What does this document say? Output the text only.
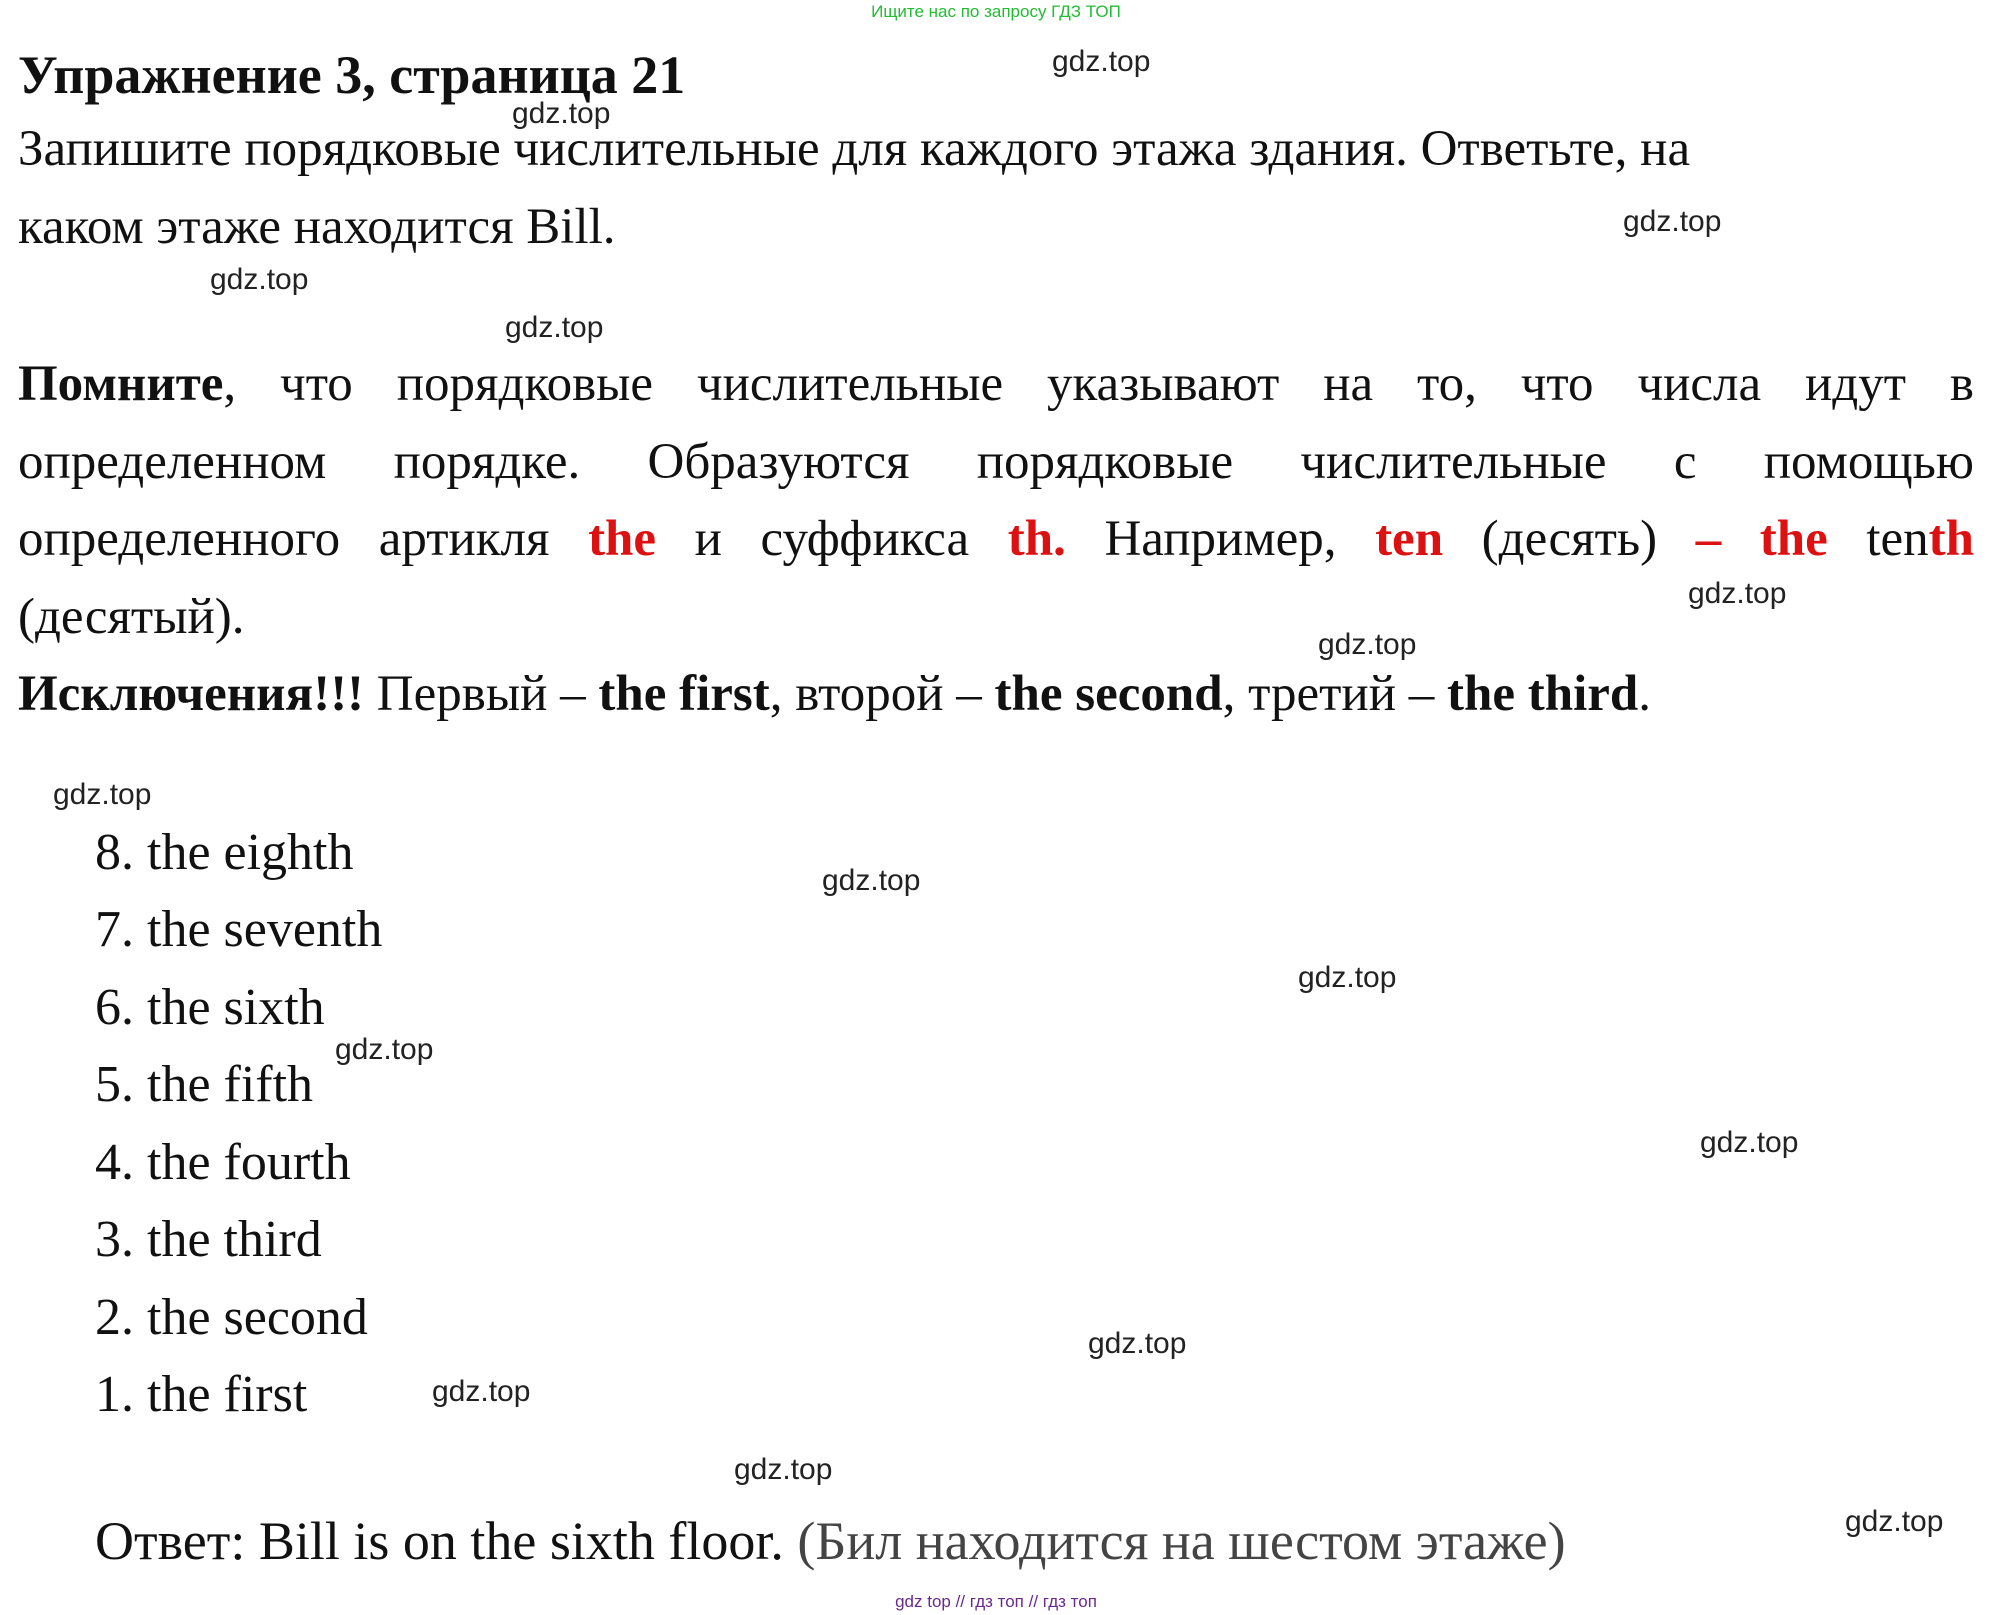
Ищите нас по запросу ГДЗ ТОП
Упражнение 3, страница 21
Запишите порядковые числительные для каждого этажа здания. Ответьте, на
каком этаже находится Bill.
Помните, что порядковые числительные указывают на то, что числа идут в
определенном порядке. Образуются порядковые числительные с помощью
определенного артикля the и суффикса th. Например, ten (десять) – the tenth
(десятый).
Исключения!!! Первый – the first, второй – the second, третий – the third.
8. the eighth
7. the seventh
6. the sixth
5. the fifth
4. the fourth
3. the third
2. the second
1. the first
Ответ: Bill is on the sixth floor. (Бил находится на шестом этаже)
gdz.top
gdz.top
gdz.top
gdz.top
gdz.top
gdz.top
gdz.top
gdz.top
gdz.top
gdz.top
gdz.top
gdz.top
gdz.top
gdz.top
gdz.top
gdz.top
gdz top // гдз топ // гдз топ
